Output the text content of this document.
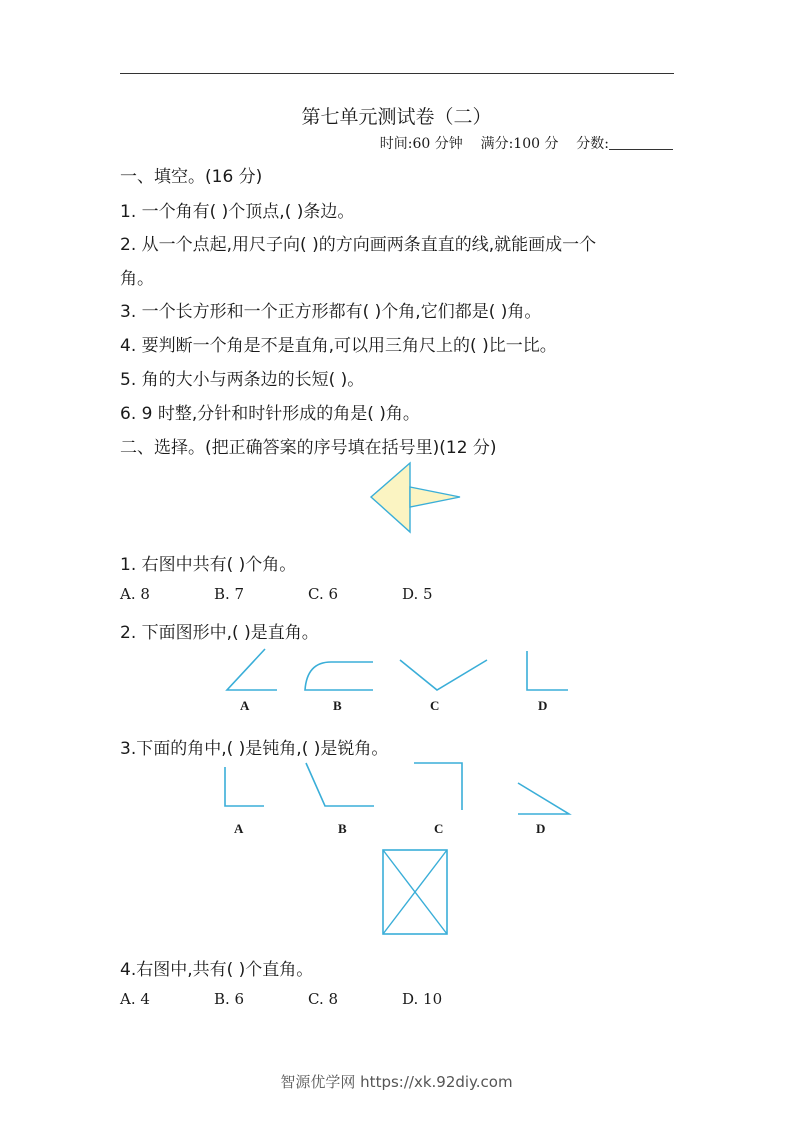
第七单元测试卷（二）
时间:60 分钟 满分:100 分 分数:
一、填空。(16 分)
1. 一个角有( )个顶点,( )条边。
2. 从一个点起,用尺子向( )的方向画两条直直的线,就能画成一个
角。
3. 一个长方形和一个正方形都有( )个角,它们都是( )角。
4. 要判断一个角是不是直角,可以用三角尺上的( )比一比。
5. 角的大小与两条边的长短( )。
6. 9 时整,分针和时针形成的角是( )角。
二、选择。(把正确答案的序号填在括号里)(12 分)
1. 右图中共有( )个角。
A. 8	B. 7	C. 6	D. 5
2. 下面图形中,( )是直角。
A	B	C	D
3.下面的角中,( )是钝角,( )是锐角。
A	B	C	D
4.右图中,共有( )个直角。
A. 4	B. 6	C. 8	D. 10
智源优学网 https://xk.92diy.com
